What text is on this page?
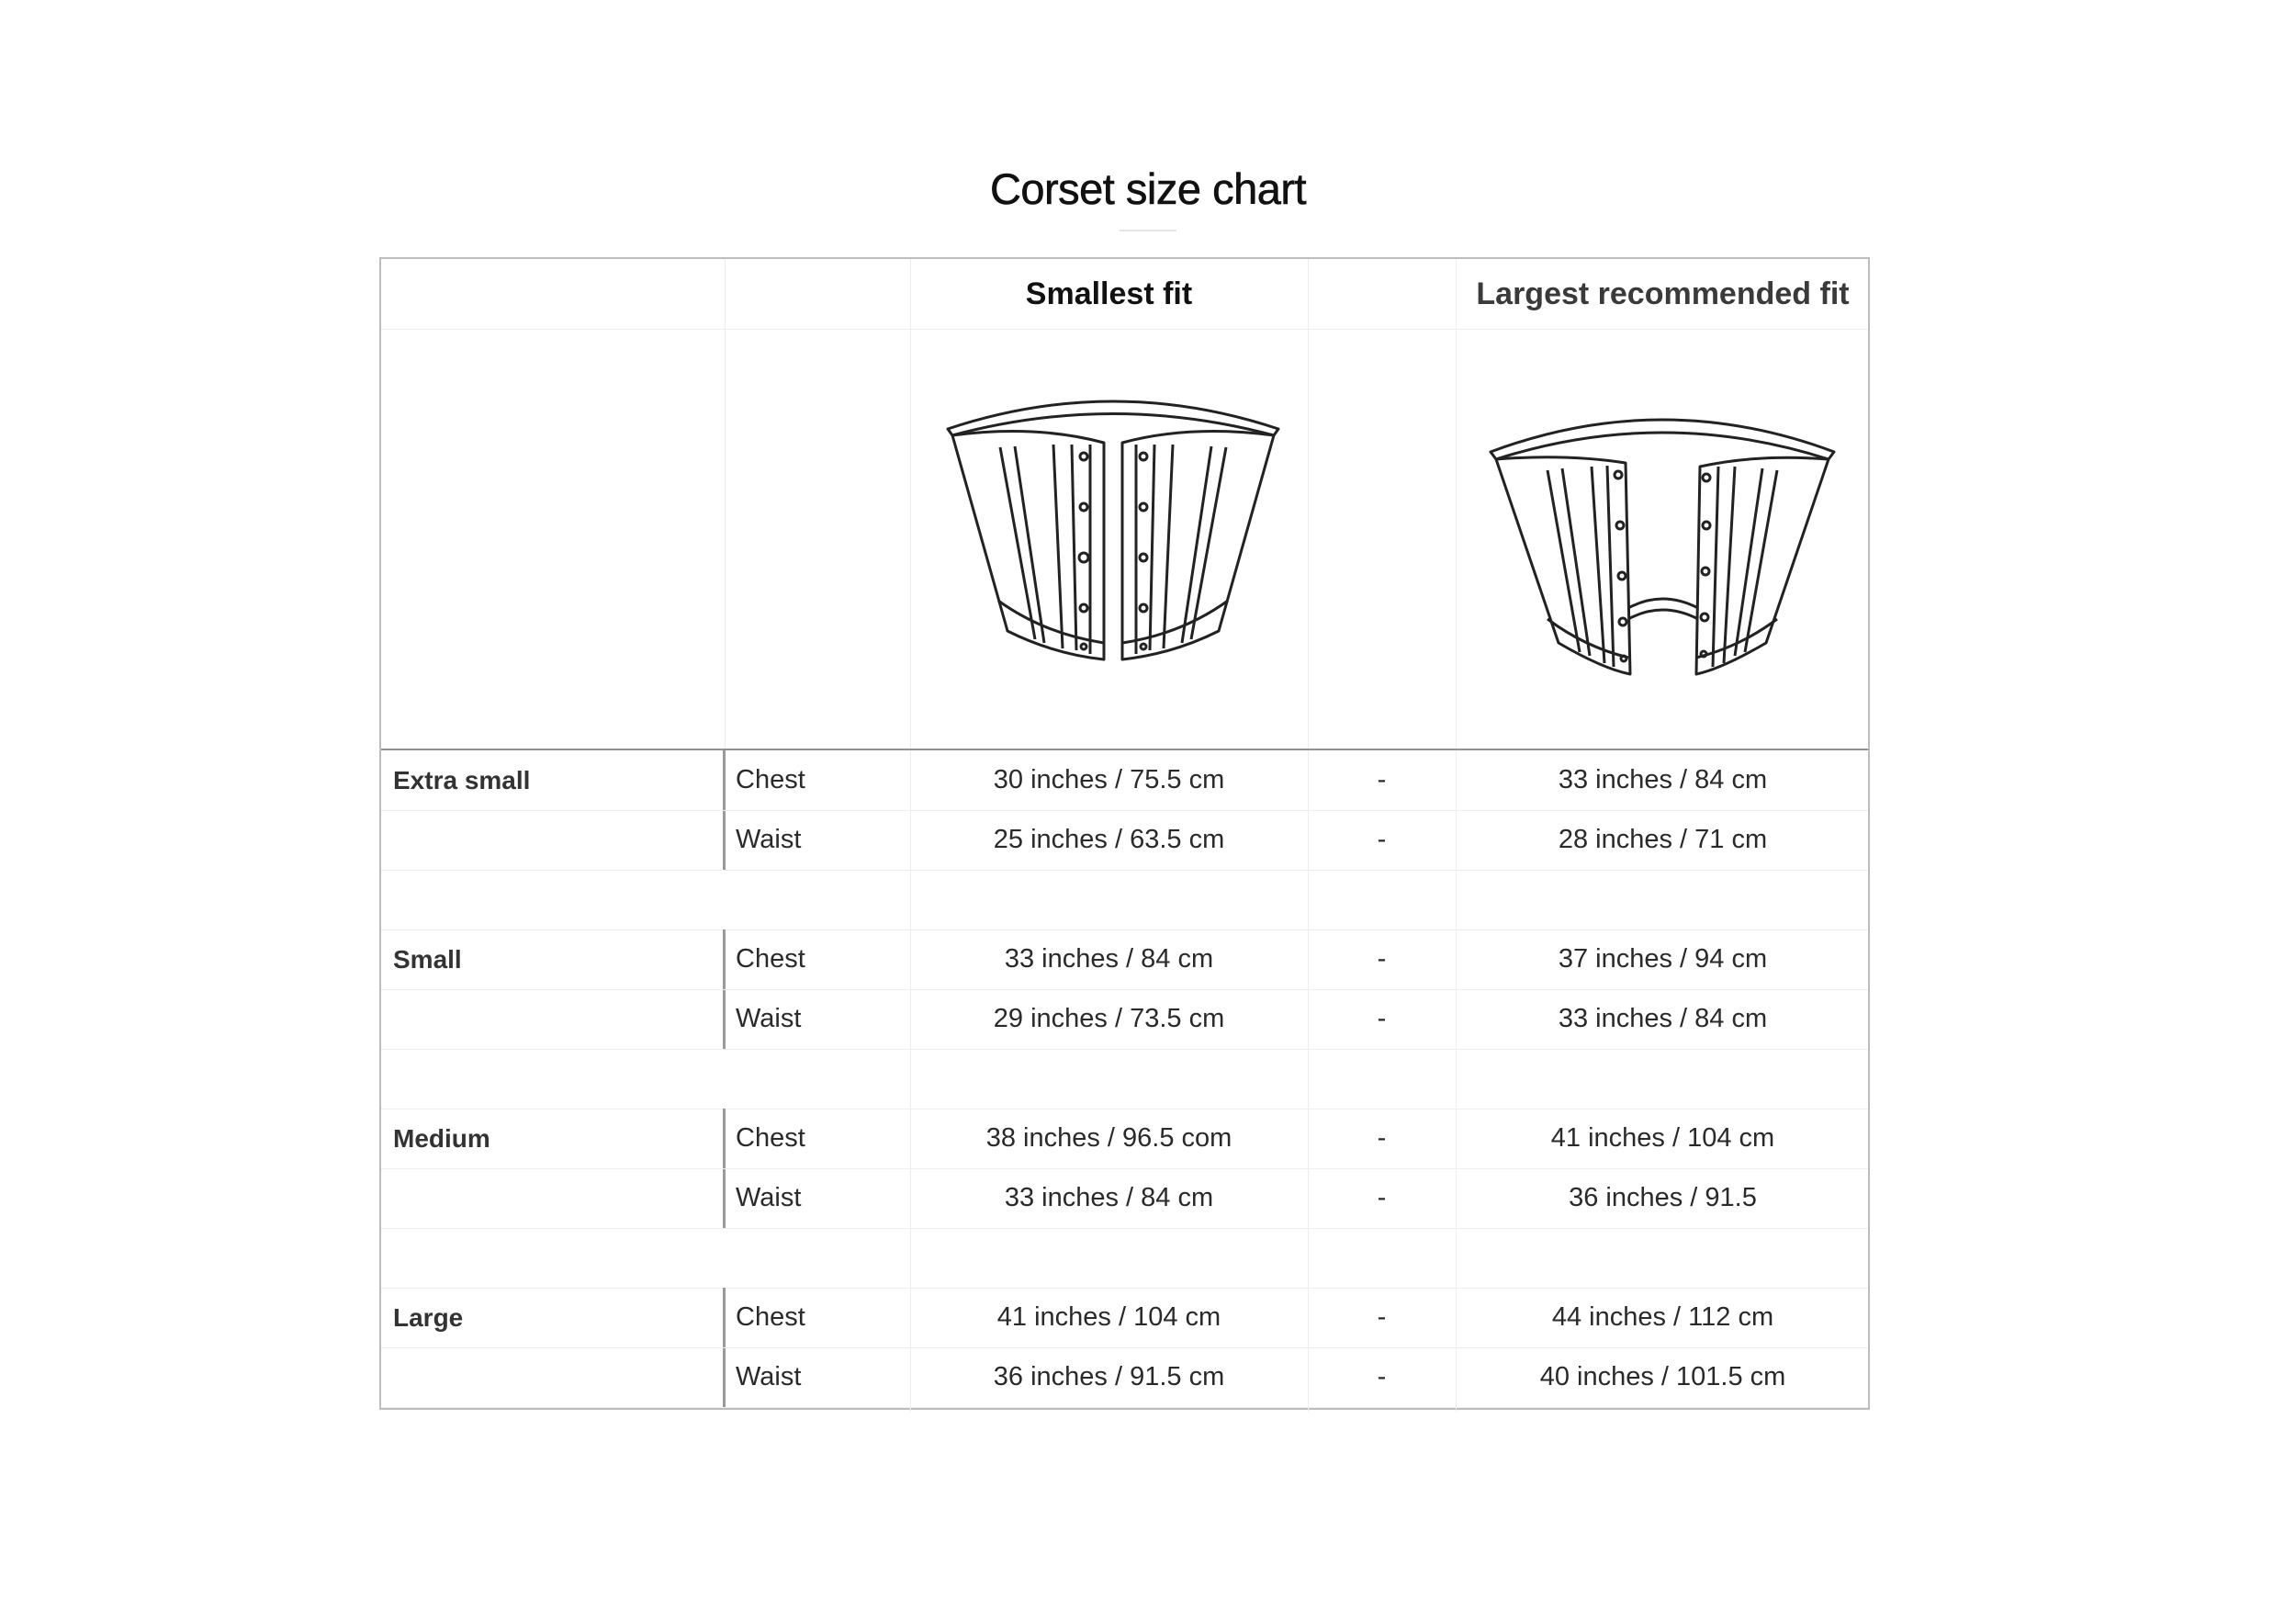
Corset size chart
Smallest fit	Largest recommended fit
Extra small	Chest	30 inches / 75.5 cm	-	33 inches / 84 cm
Waist	25 inches / 63.5 cm	-	28 inches / 71 cm
Small	Chest	33 inches / 84 cm	-	37 inches / 94 cm
Waist	29 inches / 73.5 cm	-	33 inches / 84 cm
Medium	Chest	38 inches / 96.5 com	-	41 inches / 104 cm
Waist	33 inches / 84 cm	-	36 inches / 91.5
Large	Chest	41 inches / 104 cm	-	44 inches / 112 cm
Waist	36 inches / 91.5 cm	-	40 inches / 101.5 cm
